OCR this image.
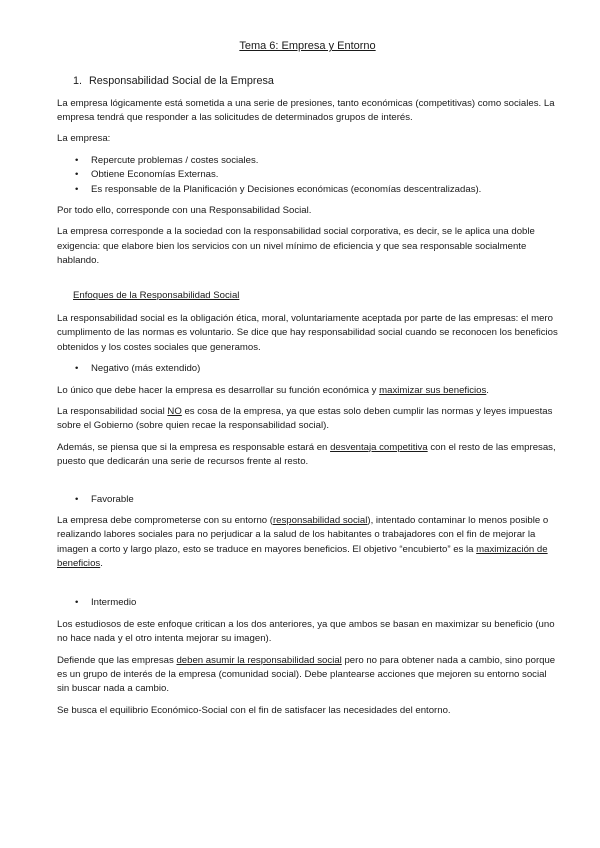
Tema 6: Empresa y Entorno
1. Responsabilidad Social de la Empresa

La empresa lógicamente está sometida a una serie de presiones, tanto económicas (competitivas) como sociales. La empresa tendrá que responder a las solicitudes de determinados grupos de interés.

La empresa:

• Repercute problemas / costes sociales.
• Obtiene Economías Externas.
• Es responsable de la Planificación y Decisiones económicas (economías descentralizadas).

Por todo ello, corresponde con una Responsabilidad Social.

La empresa corresponde a la sociedad con la responsabilidad social corporativa, es decir, se le aplica una doble exigencia: que elabore bien los servicios con un nivel mínimo de eficiencia y que sea responsable socialmente hablando.

Enfoques de la Responsabilidad Social

La responsabilidad social es la obligación ética, moral, voluntariamente aceptada por parte de las empresas: el mero cumplimento de las normas es voluntario. Se dice que hay responsabilidad social cuando se reconocen los beneficios obtenidos y los costes sociales que generamos.

• Negativo (más extendido)

Lo único que debe hacer la empresa es desarrollar su función económica y maximizar sus beneficios.

La responsabilidad social NO es cosa de la empresa, ya que estas solo deben cumplir las normas y leyes impuestas sobre el Gobierno (sobre quien recae la responsabilidad social).

Además, se piensa que si la empresa es responsable estará en desventaja competitiva con el resto de las empresas, puesto que dedicarán una serie de recursos frente al resto.

• Favorable

La empresa debe comprometerse con su entorno (responsabilidad social), intentado contaminar lo menos posible o realizando labores sociales para no perjudicar a la salud de los habitantes o trabajadores con el fin de mejorar la imagen a corto y largo plazo, esto se traduce en mayores beneficios. El objetivo “encubierto” es la maximización de beneficios.

• Intermedio

Los estudiosos de este enfoque critican a los dos anteriores, ya que ambos se basan en maximizar su beneficio (uno no hace nada y el otro intenta mejorar su imagen).

Defiende que las empresas deben asumir la responsabilidad social pero no para obtener nada a cambio, sino porque es un grupo de interés de la empresa (comunidad social). Debe plantearse acciones que mejoren su entorno social sin buscar nada a cambio.

Se busca el equilibrio Económico-Social con el fin de satisfacer las necesidades del entorno.
